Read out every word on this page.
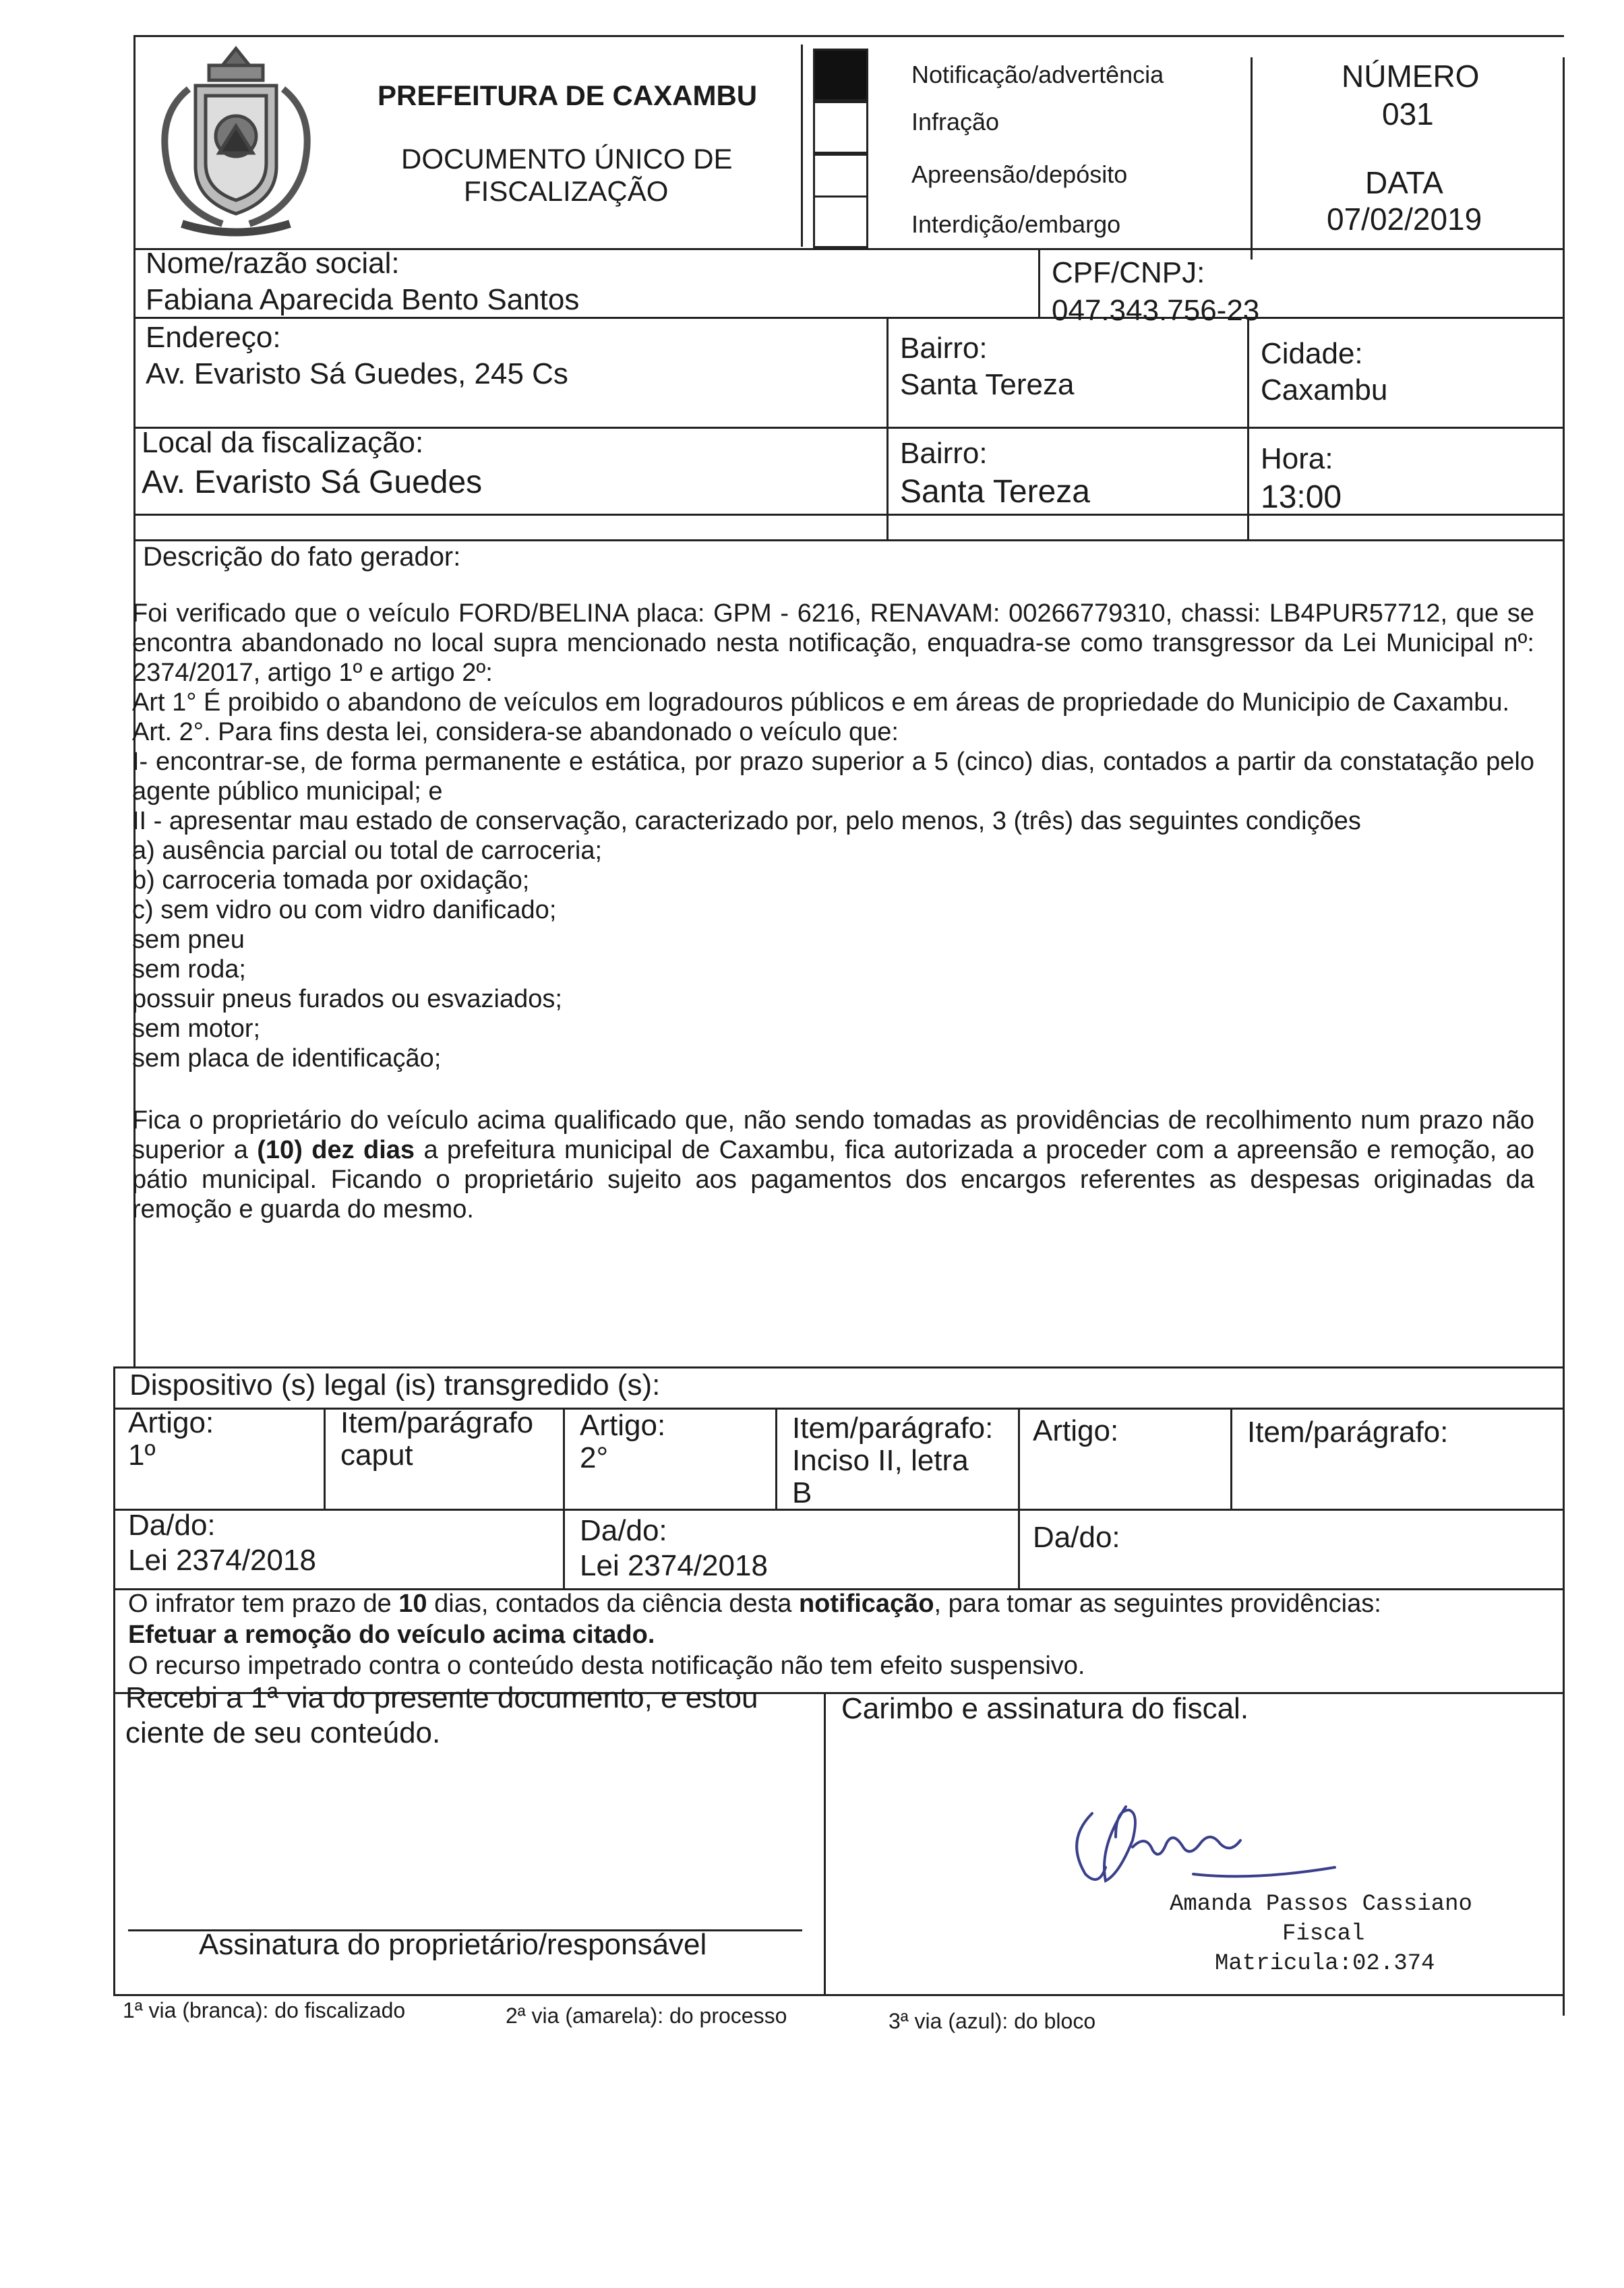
PREFEITURA DE CAXAMBU
DOCUMENTO ÚNICO DE
FISCALIZAÇÃO
Notificação/advertência
Infração
Apreensão/depósito
Interdição/embargo
NÚMERO
031
DATA
07/02/2019
Nome/razão social:
Fabiana Aparecida Bento Santos
CPF/CNPJ:
047.343.756-23
Endereço:
Av. Evaristo Sá Guedes, 245 Cs
Bairro:
Santa Tereza
Cidade:
Caxambu
Local da fiscalização:
Av. Evaristo Sá Guedes
Bairro:
Santa Tereza
Hora:
13:00
Descrição do fato gerador:

Foi verificado que o veículo FORD/BELINA placa: GPM - 6216, RENAVAM: 00266779310, chassi: LB4PUR57712, que se encontra abandonado no local supra mencionado nesta notificação, enquadra-se como transgressor da Lei Municipal nº: 2374/2017, artigo 1º e artigo 2º:

Art 1° É proibido o abandono de veículos em logradouros públicos e em áreas de propriedade do Municipio de Caxambu.

Art. 2°. Para fins desta lei, considera-se abandonado o veículo que:

I- encontrar-se, de forma permanente e estática, por prazo superior a 5 (cinco) dias, contados a partir da constatação pelo agente público municipal; e

II - apresentar mau estado de conservação, caracterizado por, pelo menos, 3 (três) das seguintes condições

a) ausência parcial ou total de carroceria;

b) carroceria tomada por oxidação;

c) sem vidro ou com vidro danificado;

sem pneu

sem roda;

possuir pneus furados ou esvaziados;

sem motor;

sem placa de identificação;

Fica o proprietário do veículo acima qualificado que, não sendo tomadas as providências de recolhimento num prazo não superior a (10) dez dias a prefeitura municipal de Caxambu, fica autorizada a proceder com a apreensão e remoção, ao pátio municipal. Ficando o proprietário sujeito aos pagamentos dos encargos referentes as despesas originadas da remoção e guarda do mesmo.

Dispositivo (s) legal (is) transgredido (s):
Artigo:
1º
Item/parágrafo
caput
Artigo:
2°
Item/parágrafo:
Inciso II, letra
B
Artigo:	Item/parágrafo:
Da/do:
Lei 2374/2018
Da/do:
Lei 2374/2018
Da/do:
O infrator tem prazo de 10 dias, contados da ciência desta notificação, para tomar as seguintes providências:
Efetuar a remoção do veículo acima citado.
O recurso impetrado contra o conteúdo desta notificação não tem efeito suspensivo.
Recebi a 1ª via do presente documento, e estou
ciente de seu conteúdo.
Assinatura do proprietário/responsável
Carimbo e assinatura do fiscal.
Amanda Passos Cassiano
Fiscal
Matricula:02.374
1ª via (branca): do fiscalizado	2ª via (amarela): do processo	3ª via (azul): do bloco
